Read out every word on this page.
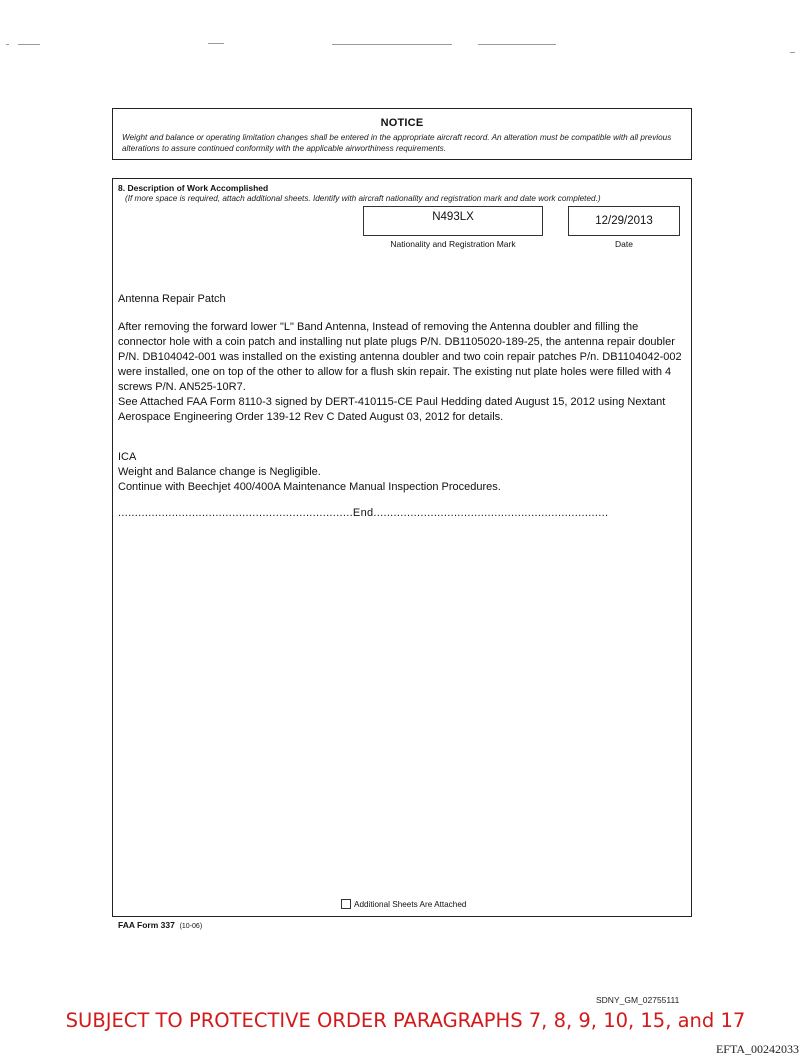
NOTICE
Weight and balance or operating limitation changes shall be entered in the appropriate aircraft record. An alteration must be compatible with all previous alterations to assure continued conformity with the applicable airworthiness requirements.
8. Description of Work Accomplished
(If more space is required, attach additional sheets. Identify with aircraft nationality and registration mark and date work completed.)
N493LX
Nationality and Registration Mark
12/29/2013
Date
Antenna Repair Patch
After removing the forward lower "L" Band Antenna, Instead of removing the Antenna doubler and filling the connector hole with a coin patch and installing nut plate plugs P/N. DB1105020-189-25, the antenna repair doubler P/N. DB104042-001 was installed on the existing antenna doubler and two coin repair patches P/n. DB1104042-002 were installed, one on top of the other to allow for a flush skin repair. The existing nut plate holes were filled with 4 screws P/N. AN525-10R7.
See Attached FAA Form 8110-3 signed by DERT-410115-CE Paul Hedding dated August 15, 2012 using Nextant Aerospace Engineering Order 139-12 Rev C Dated August 03, 2012 for details.
ICA
Weight and Balance change is Negligible.
Continue with Beechjet 400/400A Maintenance Manual Inspection Procedures.
......................................................................End......................................................................
Additional Sheets Are Attached
FAA Form 337 (10-06)
SDNY_GM_02755111
SUBJECT TO PROTECTIVE ORDER PARAGRAPHS 7, 8, 9, 10, 15, and 17
EFTA_00242033
